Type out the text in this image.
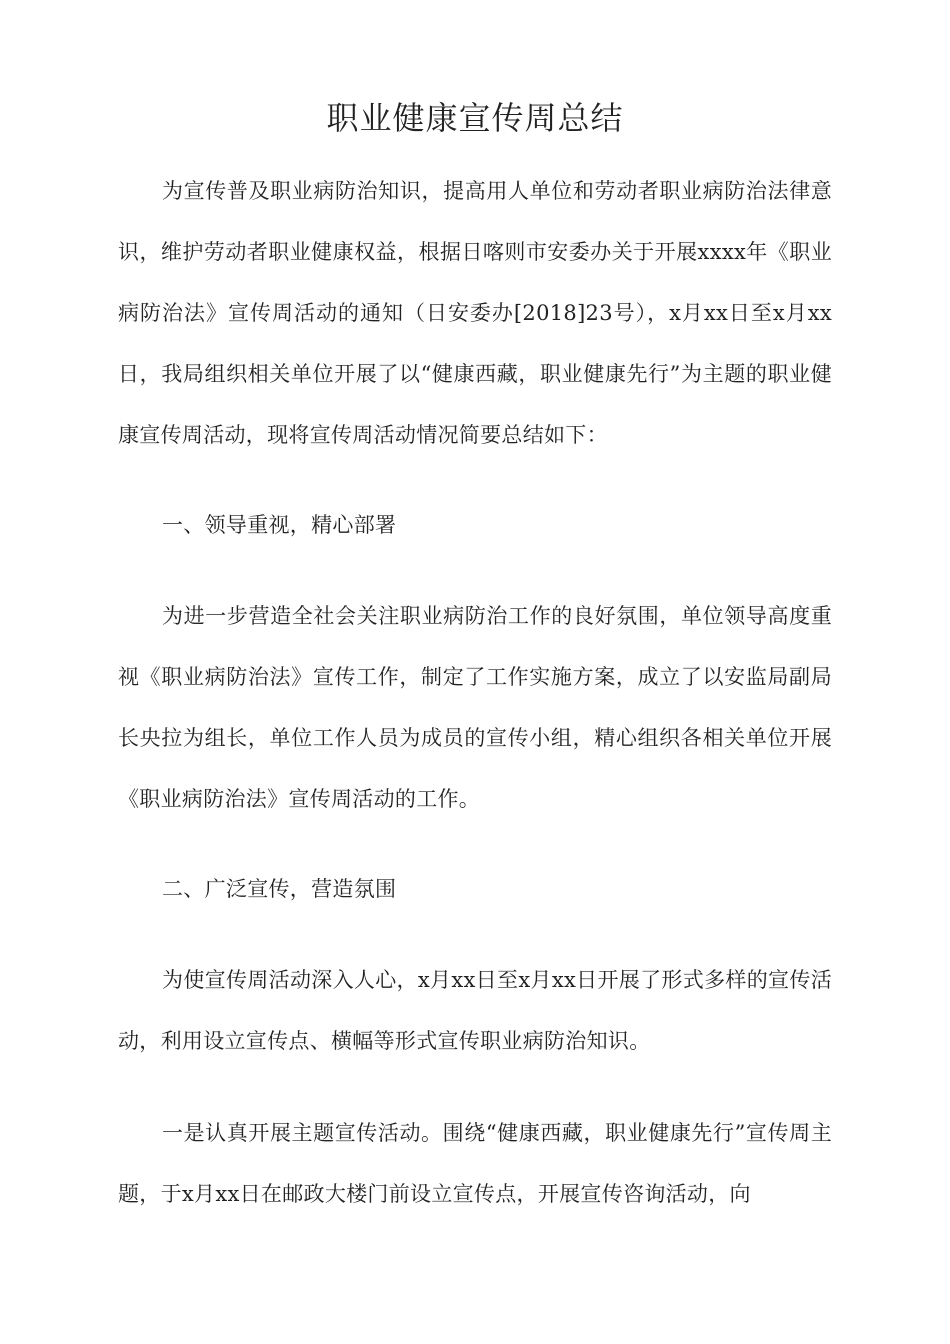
职业健康宣传周总结

为宣传普及职业病防治知识，提高用人单位和劳动者职业病防治法律意识，维护劳动者职业健康权益，根据日喀则市安委办关于开展xxxx年《职业病防治法》宣传周活动的通知（日安委办[2018]23号），x月xx日至x月xx日，我局组织相关单位开展了以“健康西藏，职业健康先行”为主题的职业健康宣传周活动，现将宣传周活动情况简要总结如下：

一、领导重视，精心部署

为进一步营造全社会关注职业病防治工作的良好氛围，单位领导高度重视《职业病防治法》宣传工作，制定了工作实施方案，成立了以安监局副局长央拉为组长，单位工作人员为成员的宣传小组，精心组织各相关单位开展《职业病防治法》宣传周活动的工作。

二、广泛宣传，营造氛围

为使宣传周活动深入人心，x月xx日至x月xx日开展了形式多样的宣传活动，利用设立宣传点、横幅等形式宣传职业病防治知识。

一是认真开展主题宣传活动。围绕“健康西藏，职业健康先行”宣传周主题，于x月xx日在邮政大楼门前设立宣传点，开展宣传咨询活动，向
